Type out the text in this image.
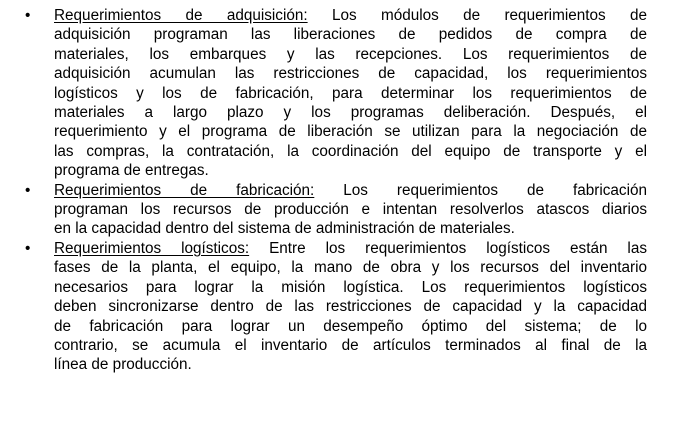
• Requerimientos de adquisición: Los módulos de requerimientos de
adquisición programan las liberaciones de pedidos de compra de
materiales, los embarques y las recepciones. Los requerimientos de
adquisición acumulan las restricciones de capacidad, los requerimientos
logísticos y los de fabricación, para determinar los requerimientos de
materiales a largo plazo y los programas deliberación. Después, el
requerimiento y el programa de liberación se utilizan para la negociación de
las compras, la contratación, la coordinación del equipo de transporte y el
programa de entregas.
• Requerimientos de fabricación: Los requerimientos de fabricación
programan los recursos de producción e intentan resolverlos atascos diarios
en la capacidad dentro del sistema de administración de materiales.
• Requerimientos logísticos: Entre los requerimientos logísticos están las
fases de la planta, el equipo, la mano de obra y los recursos del inventario
necesarios para lograr la misión logística. Los requerimientos logísticos
deben sincronizarse dentro de las restricciones de capacidad y la capacidad
de fabricación para lograr un desempeño óptimo del sistema; de lo
contrario, se acumula el inventario de artículos terminados al final de la
línea de producción.
